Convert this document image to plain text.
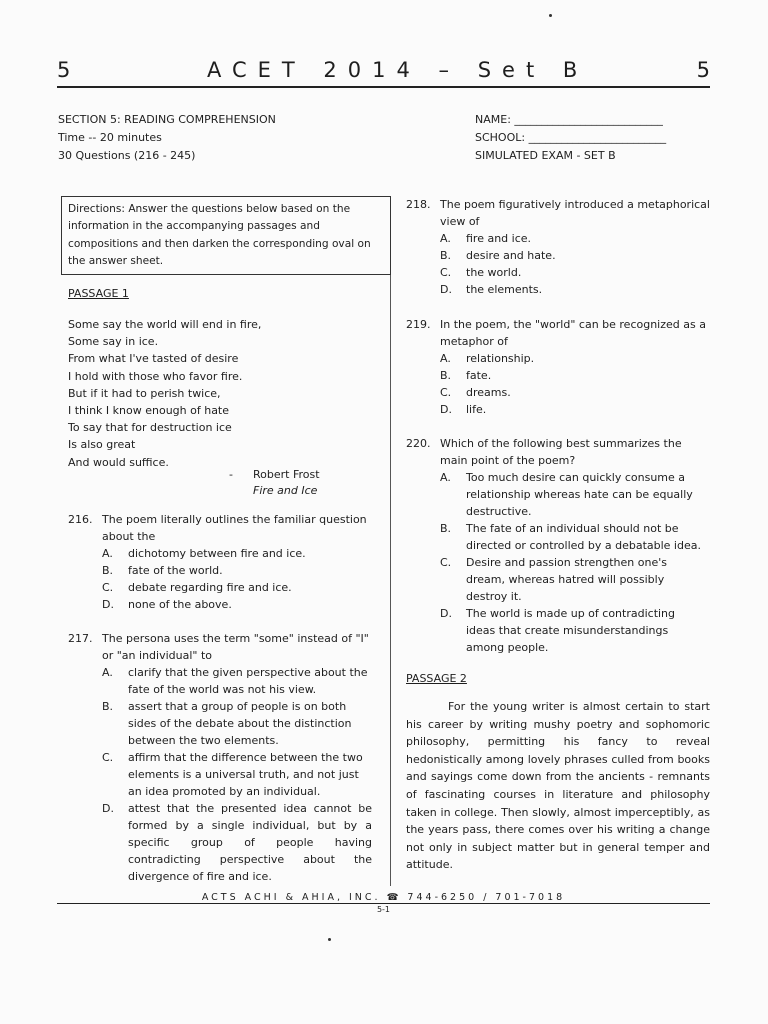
5	ACET 2014 – Set B	5
SECTION 5: READING COMPREHENSION
Time -- 20 minutes
30 Questions (216 - 245)
NAME: ___________________________
SCHOOL: _________________________
SIMULATED EXAM - SET B
Directions: Answer the questions below based on the information in the accompanying passages and compositions and then darken the corresponding oval on the answer sheet.
PASSAGE 1
Some say the world will end in fire,
Some say in ice.
From what I've tasted of desire
I hold with those who favor fire.
But if it had to perish twice,
I think I know enough of hate
To say that for destruction ice
Is also great
And would suffice.
- Robert Frost
Fire and Ice
216. The poem literally outlines the familiar question about the
A. dichotomy between fire and ice.
B. fate of the world.
C. debate regarding fire and ice.
D. none of the above.
217. The persona uses the term "some" instead of "I" or "an individual" to
A. clarify that the given perspective about the fate of the world was not his view.
B. assert that a group of people is on both sides of the debate about the distinction between the two elements.
C. affirm that the difference between the two elements is a universal truth, and not just an idea promoted by an individual.
D. attest that the presented idea cannot be formed by a single individual, but by a specific group of people having contradicting perspective about the divergence of fire and ice.
218. The poem figuratively introduced a metaphorical view of
A. fire and ice.
B. desire and hate.
C. the world.
D. the elements.
219. In the poem, the "world" can be recognized as a metaphor of
A. relationship.
B. fate.
C. dreams.
D. life.
220. Which of the following best summarizes the main point of the poem?
A. Too much desire can quickly consume a relationship whereas hate can be equally destructive.
B. The fate of an individual should not be directed or controlled by a debatable idea.
C. Desire and passion strengthen one's dream, whereas hatred will possibly destroy it.
D. The world is made up of contradicting ideas that create misunderstandings among people.
PASSAGE 2
For the young writer is almost certain to start his career by writing mushy poetry and sophomoric philosophy, permitting his fancy to reveal hedonistically among lovely phrases culled from books and sayings come down from the ancients - remnants of fascinating courses in literature and philosophy taken in college. Then slowly, almost imperceptibly, as the years pass, there comes over his writing a change not only in subject matter but in general temper and attitude.
ACTS ACHI & AHIA, INC. ☎ 744-6250 / 701-7018
5-1
